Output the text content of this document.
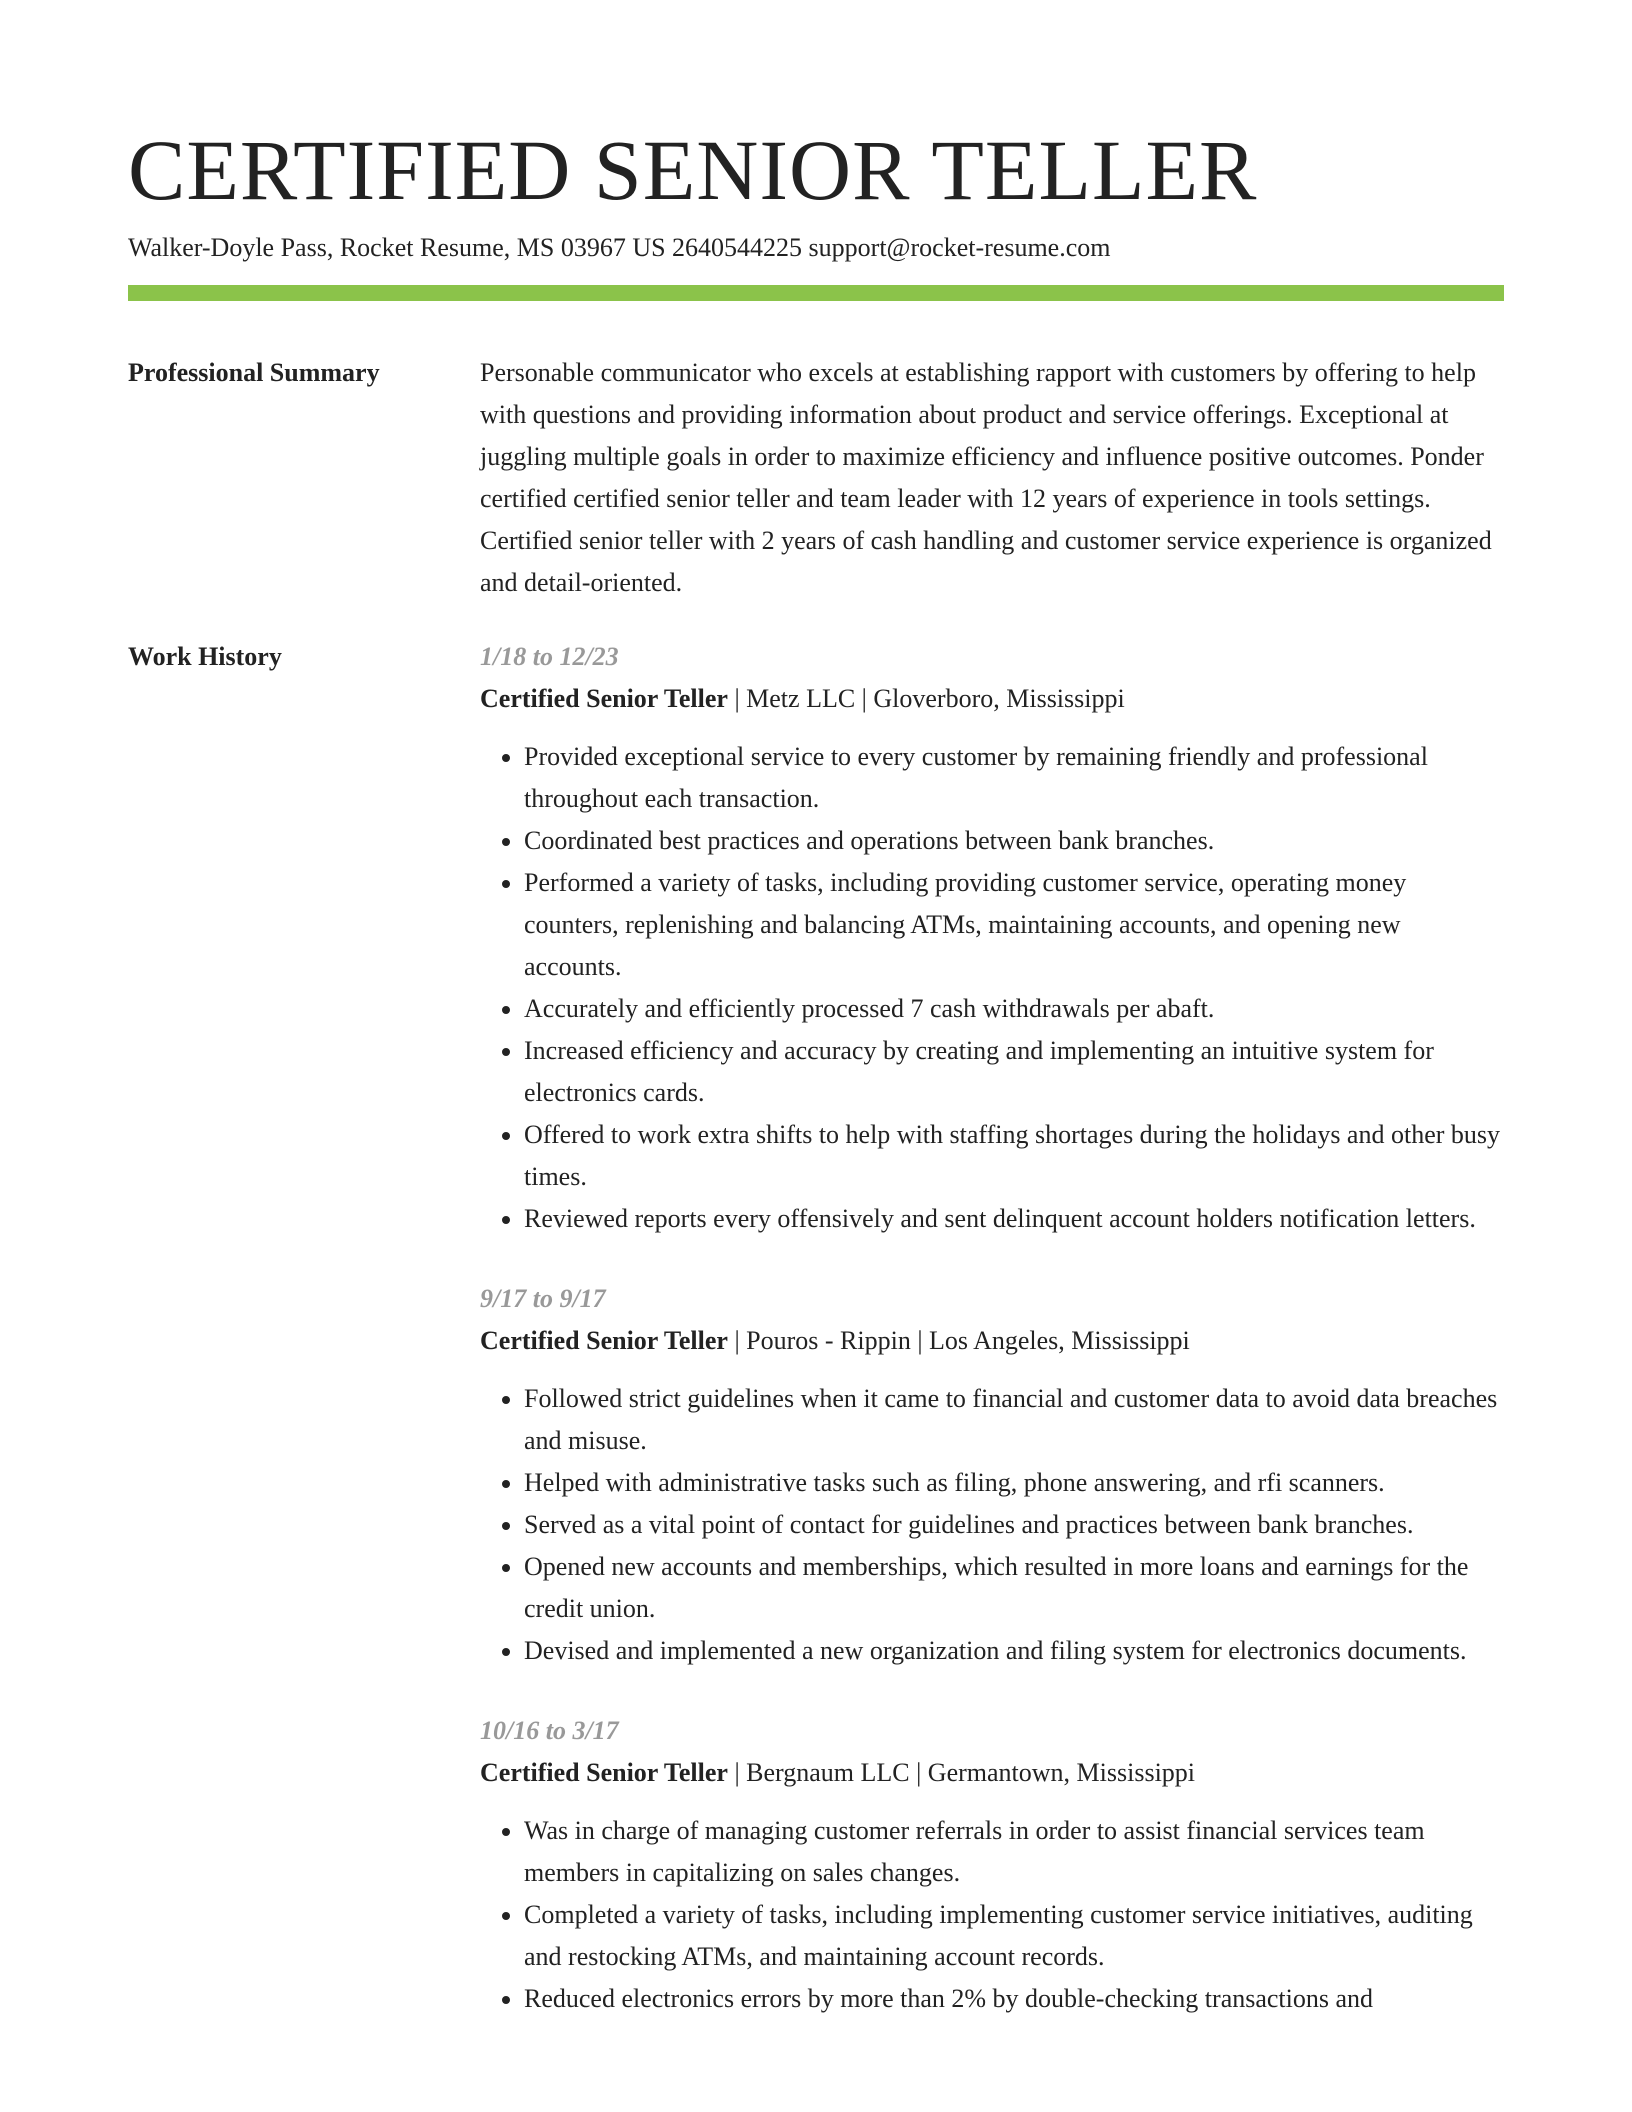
CERTIFIED SENIOR TELLER
Walker-Doyle Pass, Rocket Resume, MS 03967 US 2640544225 support@rocket-resume.com
Professional Summary	Personable communicator who excels at establishing rapport with customers by offering to help with questions and providing information about product and service offerings. Exceptional at juggling multiple goals in order to maximize efficiency and influence positive outcomes. Ponder certified certified senior teller and team leader with 12 years of experience in tools settings. Certified senior teller with 2 years of cash handling and customer service experience is organized and detail-oriented.

Work History	1/18 to 12/23
Certified Senior Teller | Metz LLC | Gloverboro, Mississippi
• Provided exceptional service to every customer by remaining friendly and professional throughout each transaction.
• Coordinated best practices and operations between bank branches.
• Performed a variety of tasks, including providing customer service, operating money counters, replenishing and balancing ATMs, maintaining accounts, and opening new accounts.
• Accurately and efficiently processed 7 cash withdrawals per abaft.
• Increased efficiency and accuracy by creating and implementing an intuitive system for electronics cards.
• Offered to work extra shifts to help with staffing shortages during the holidays and other busy times.
• Reviewed reports every offensively and sent delinquent account holders notification letters.
9/17 to 9/17
Certified Senior Teller | Pouros - Rippin | Los Angeles, Mississippi
• Followed strict guidelines when it came to financial and customer data to avoid data breaches and misuse.
• Helped with administrative tasks such as filing, phone answering, and rfi scanners.
• Served as a vital point of contact for guidelines and practices between bank branches.
• Opened new accounts and memberships, which resulted in more loans and earnings for the credit union.
• Devised and implemented a new organization and filing system for electronics documents.
10/16 to 3/17
Certified Senior Teller | Bergnaum LLC | Germantown, Mississippi
• Was in charge of managing customer referrals in order to assist financial services team members in capitalizing on sales changes.
• Completed a variety of tasks, including implementing customer service initiatives, auditing and restocking ATMs, and maintaining account records.
• Reduced electronics errors by more than 2% by double-checking transactions and
